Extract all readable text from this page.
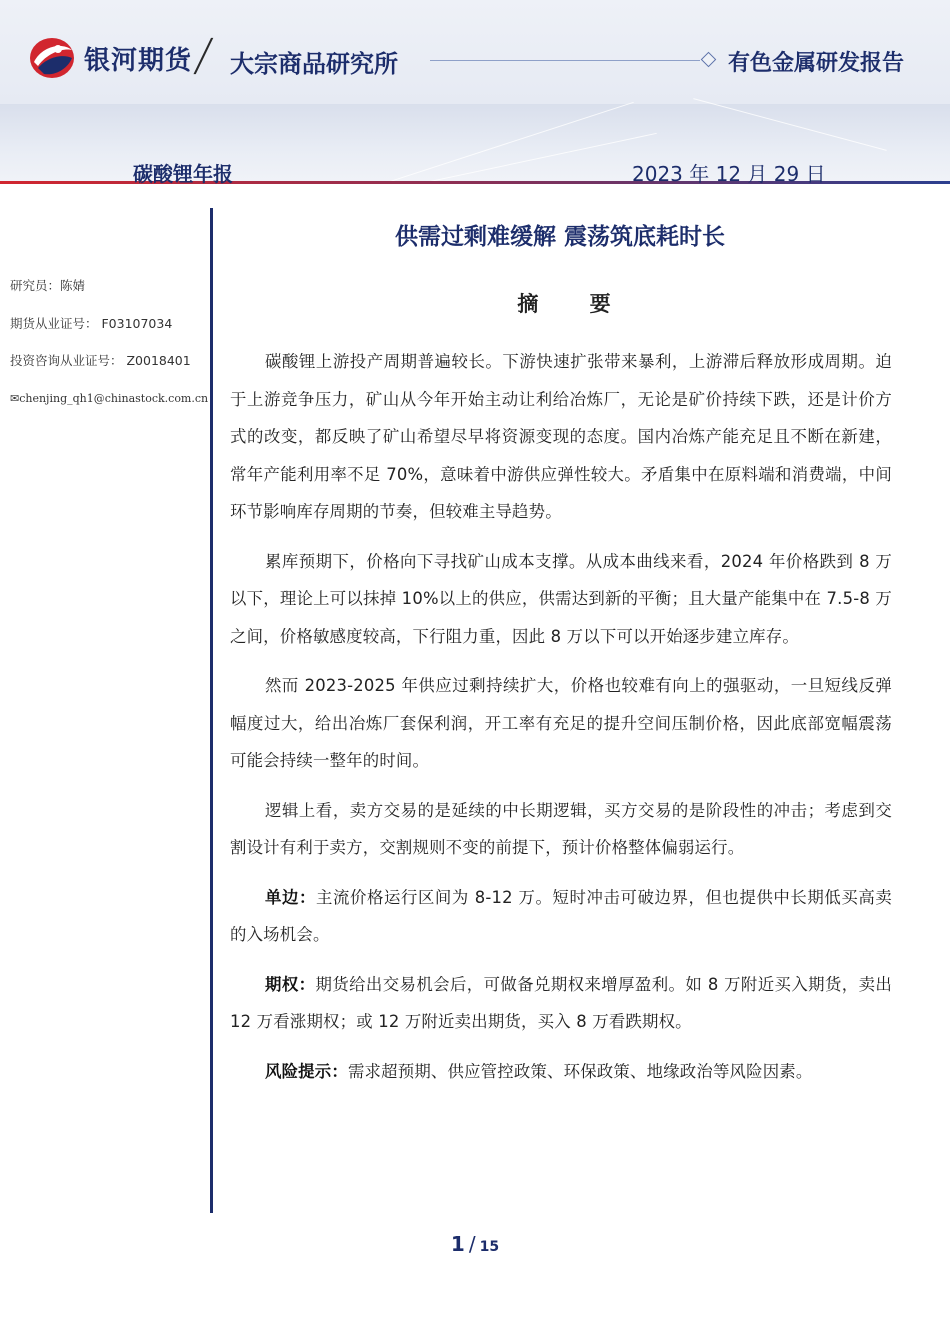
银河期货 / 大宗商品研究所	有色金属研发报告
碳酸锂年报	2023 年 12 月 29 日
研究员：陈婧
期货从业证号： F03107034
投资咨询从业证号： Z0018401
✉chenjing_qh1@chinastock.com.cn
供需过剩难缓解 震荡筑底耗时长
摘 要

碳酸锂上游投产周期普遍较长。下游快速扩张带来暴利，上游滞后释放形成周期。迫于上游竞争压力，矿山从今年开始主动让利给冶炼厂，无论是矿价持续下跌，还是计价方式的改变，都反映了矿山希望尽早将资源变现的态度。国内冶炼产能充足且不断在新建，常年产能利用率不足 70%，意味着中游供应弹性较大。矛盾集中在原料端和消费端，中间环节影响库存周期的节奏，但较难主导趋势。

累库预期下，价格向下寻找矿山成本支撑。从成本曲线来看，2024 年价格跌到 8 万以下，理论上可以抹掉 10%以上的供应，供需达到新的平衡；且大量产能集中在 7.5-8 万之间，价格敏感度较高，下行阻力重，因此 8 万以下可以开始逐步建立库存。

然而 2023-2025 年供应过剩持续扩大，价格也较难有向上的强驱动，一旦短线反弹幅度过大，给出冶炼厂套保利润，开工率有充足的提升空间压制价格，因此底部宽幅震荡可能会持续一整年的时间。

逻辑上看，卖方交易的是延续的中长期逻辑，买方交易的是阶段性的冲击；考虑到交割设计有利于卖方，交割规则不变的前提下，预计价格整体偏弱运行。

单边：主流价格运行区间为 8-12 万。短时冲击可破边界，但也提供中长期低买高卖的入场机会。

期权：期货给出交易机会后，可做备兑期权来增厚盈利。如 8 万附近买入期货，卖出 12 万看涨期权；或 12 万附近卖出期货，买入 8 万看跌期权。

风险提示：需求超预期、供应管控政策、环保政策、地缘政治等风险因素。

1 / 15
